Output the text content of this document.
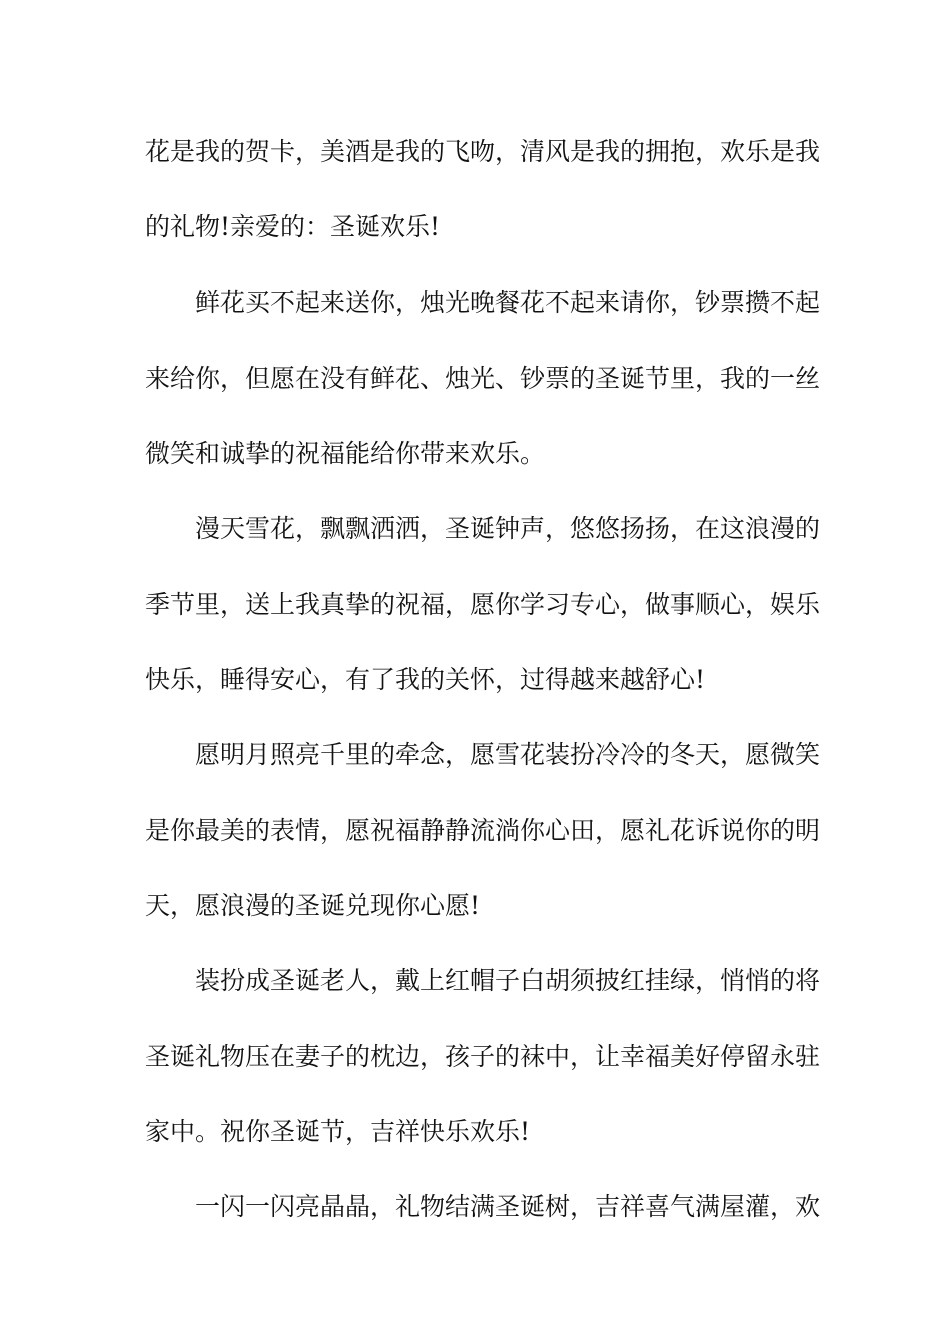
花是我的贺卡，美酒是我的飞吻，清风是我的拥抱，欢乐是我
的礼物!亲爱的：圣诞欢乐!
鲜花买不起来送你，烛光晚餐花不起来请你，钞票攒不起
来给你，但愿在没有鲜花、烛光、钞票的圣诞节里，我的一丝
微笑和诚挚的祝福能给你带来欢乐。
漫天雪花，飘飘洒洒，圣诞钟声，悠悠扬扬，在这浪漫的
季节里，送上我真挚的祝福，愿你学习专心，做事顺心，娱乐
快乐，睡得安心，有了我的关怀，过得越来越舒心!
愿明月照亮千里的牵念，愿雪花装扮冷冷的冬天，愿微笑
是你最美的表情，愿祝福静静流淌你心田，愿礼花诉说你的明
天，愿浪漫的圣诞兑现你心愿!
装扮成圣诞老人，戴上红帽子白胡须披红挂绿，悄悄的将
圣诞礼物压在妻子的枕边，孩子的袜中，让幸福美好停留永驻
家中。祝你圣诞节，吉祥快乐欢乐!
一闪一闪亮晶晶，礼物结满圣诞树，吉祥喜气满屋灌，欢
